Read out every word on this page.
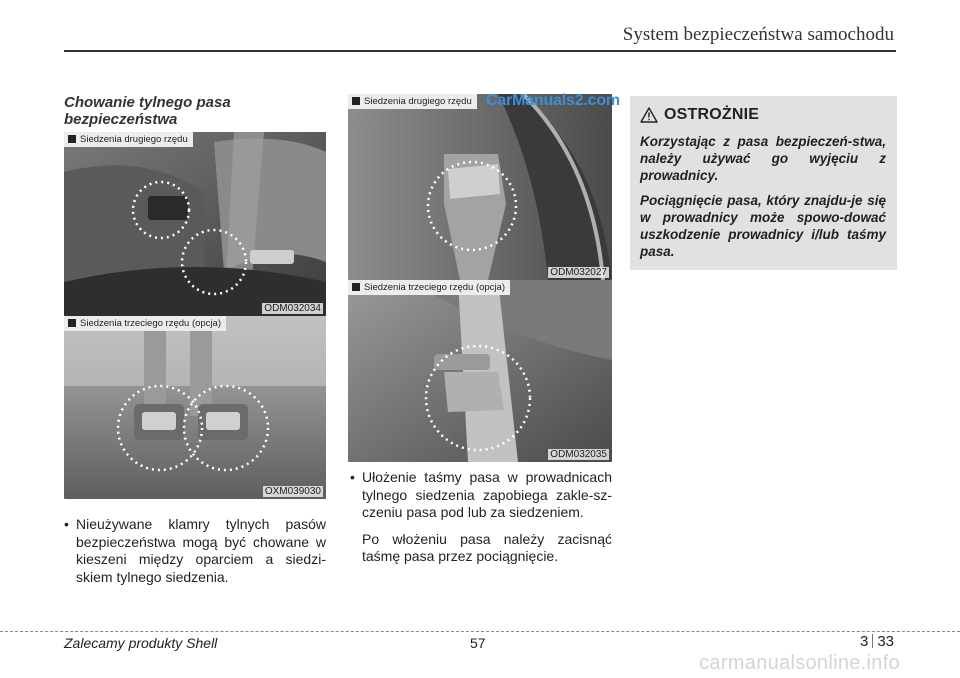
System bezpieczeństwa samochodu
Chowanie tylnego pasa
bezpieczeństwa
Siedzenia drugiego rzędu
ODM032034
Siedzenia trzeciego rzędu (opcja)
OXM039030
Siedzenia drugiego rzędu
ODM032027
Siedzenia trzeciego rzędu (opcja)
ODM032035
CarManuals2.com
• Nieużywane klamry tylnych pasów bezpieczeństwa mogą być chowane w kieszeni między oparciem a siedzi-skiem tylnego siedzenia.

• Ułożenie taśmy pasa w prowadnicach tylnego siedzenia zapobiega zakle-sz-czeniu pasa pod lub za siedzeniem.

Po włożeniu pasa należy zacisnąć taśmę pasa przez pociągnięcie.

OSTROŻNIE

Korzystając z pasa bezpieczeń-stwa, należy używać go wyjęciu z prowadnicy.

Pociągnięcie pasa, który znajdu-je się w prowadnicy może spowo-dować uszkodzenie prowadnicy i/lub taśmy pasa.

Zalecamy produkty Shell	57	3 33
carmanualsonline.info
